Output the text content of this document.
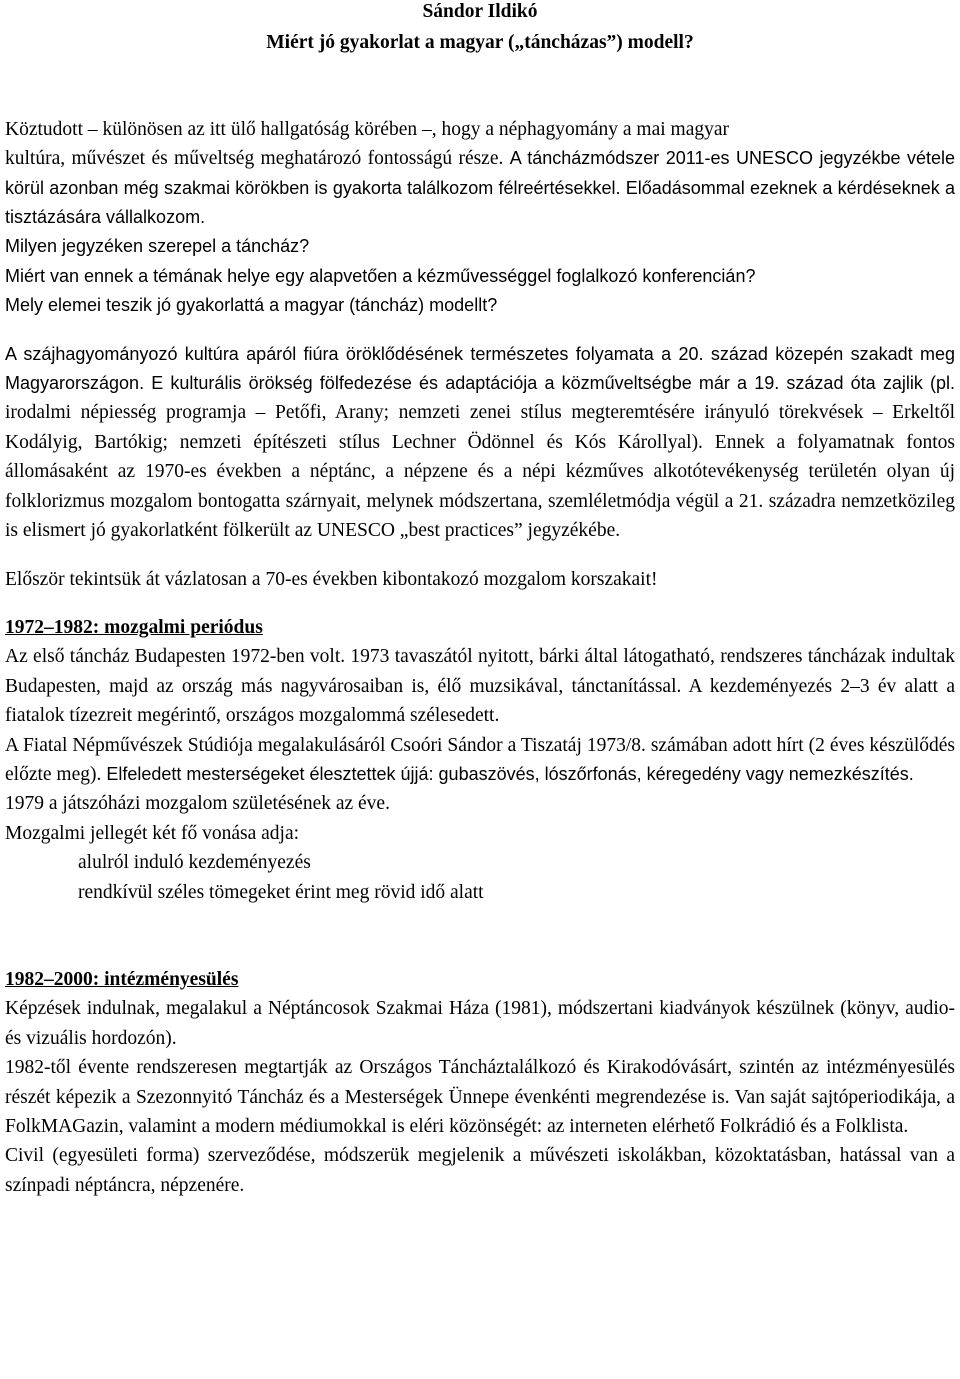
Sándor Ildikó
Miért jó gyakorlat a magyar („táncházas”) modell?

Köztudott – különösen az itt ülő hallgatóság körében –, hogy a néphagyomány a mai magyar

kultúra, művészet és műveltség meghatározó fontosságú része. A táncházmódszer 2011-es UNESCO jegyzékbe vétele körül azonban még szakmai körökben is gyakorta találkozom félreértésekkel. Előadásommal ezeknek a kérdéseknek a tisztázására vállalkozom.

Milyen jegyzéken szerepel a táncház?

Miért van ennek a témának helye egy alapvetően a kézművességgel foglalkozó konferencián?

Mely elemei teszik jó gyakorlattá a magyar (táncház) modellt?

A szájhagyományozó kultúra apáról fiúra öröklődésének természetes folyamata a 20. század közepén szakadt meg Magyarországon. E kulturális örökség fölfedezése és adaptációja a közműveltségbe már a 19. század óta zajlik (pl. irodalmi népiesség programja – Petőfi, Arany; nemzeti zenei stílus megteremtésére irányuló törekvések – Erkeltől Kodályig, Bartókig; nemzeti építészeti stílus Lechner Ödönnel és Kós Károllyal). Ennek a folyamatnak fontos állomásaként az 1970-es években a néptánc, a népzene és a népi kézműves alkotótevékenység területén olyan új folklorizmus mozgalom bontogatta szárnyait, melynek módszertana, szemléletmódja végül a 21. századra nemzetközileg is elismert jó gyakorlatként fölkerült az UNESCO „best practices” jegyzékébe.

Először tekintsük át vázlatosan a 70-es években kibontakozó mozgalom korszakait!

1972–1982: mozgalmi periódus

Az első táncház Budapesten 1972-ben volt. 1973 tavaszától nyitott, bárki által látogatható, rendszeres táncházak indultak Budapesten, majd az ország más nagyvárosaiban is, élő muzsikával, tánctanítással. A kezdeményezés 2–3 év alatt a fiatalok tízezreit megérintő, országos mozgalommá szélesedett.

A Fiatal Népművészek Stúdiója megalakulásáról Csoóri Sándor a Tiszatáj 1973/8. számában adott hírt (2 éves készülődés előzte meg). Elfeledett mesterségeket élesztettek újjá: gubaszövés, lószőrfonás, kéregedény vagy nemezkészítés.

1979 a játszóházi mozgalom születésének az éve.

Mozgalmi jellegét két fő vonása adja:

alulról induló kezdeményezés

rendkívül széles tömegeket érint meg rövid idő alatt

1982–2000: intézményesülés

Képzések indulnak, megalakul a Néptáncosok Szakmai Háza (1981), módszertani kiadványok készülnek (könyv, audio- és vizuális hordozón).

1982-től évente rendszeresen megtartják az Országos Táncháztalálkozó és Kirakodóvásárt, szintén az intézményesülés részét képezik a Szezonnyitó Táncház és a Mesterségek Ünnepe évenkénti megrendezése is. Van saját sajtóperiodikája, a FolkMAGazin, valamint a modern médiumokkal is eléri közönségét: az interneten elérhető Folkrádió és a Folklista.

Civil (egyesületi forma) szerveződése, módszerük megjelenik a művészeti iskolákban, közoktatásban, hatással van a színpadi néptáncra, népzenére.
